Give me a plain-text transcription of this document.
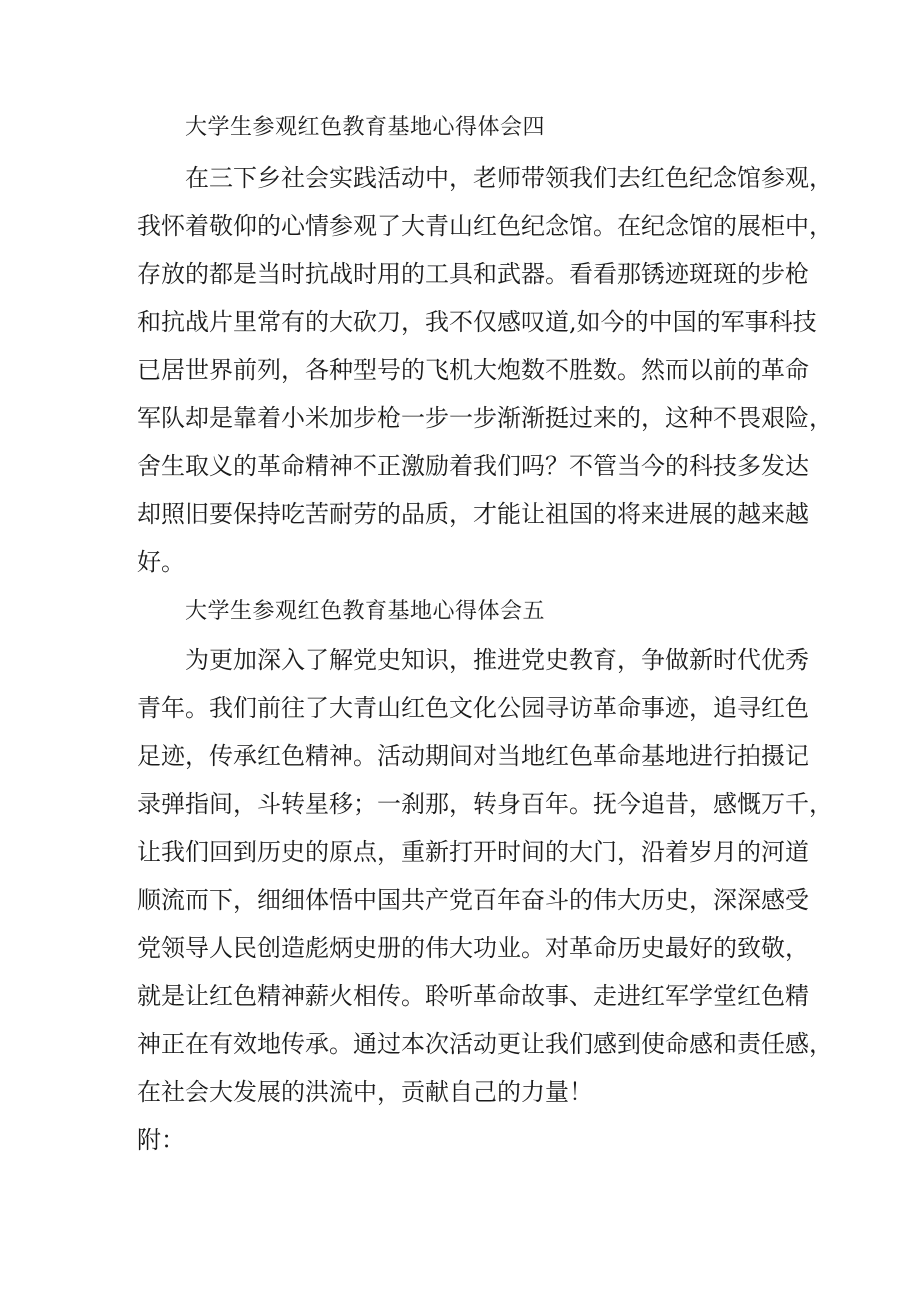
大学生参观红色教育基地心得体会四
在三下乡社会实践活动中，老师带领我们去红色纪念馆参观，
我怀着敬仰的心情参观了大青山红色纪念馆。在纪念馆的展柜中，
存放的都是当时抗战时用的工具和武器。看看那锈迹斑斑的步枪
和抗战片里常有的大砍刀，我不仅感叹道,如今的中国的军事科技
已居世界前列，各种型号的飞机大炮数不胜数。然而以前的革命
军队却是靠着小米加步枪一步一步渐渐挺过来的，这种不畏艰险，
舍生取义的革命精神不正激励着我们吗？不管当今的科技多发达
却照旧要保持吃苦耐劳的品质，才能让祖国的将来进展的越来越
好。
大学生参观红色教育基地心得体会五
为更加深入了解党史知识，推进党史教育，争做新时代优秀
青年。我们前往了大青山红色文化公园寻访革命事迹，追寻红色
足迹，传承红色精神。活动期间对当地红色革命基地进行拍摄记
录弹指间，斗转星移；一刹那，转身百年。抚今追昔，感慨万千，
让我们回到历史的原点，重新打开时间的大门，沿着岁月的河道
顺流而下，细细体悟中国共产党百年奋斗的伟大历史，深深感受
党领导人民创造彪炳史册的伟大功业。对革命历史最好的致敬，
就是让红色精神薪火相传。聆听革命故事、走进红军学堂红色精
神正在有效地传承。通过本次活动更让我们感到使命感和责任感，
在社会大发展的洪流中，贡献自己的力量！
附：
